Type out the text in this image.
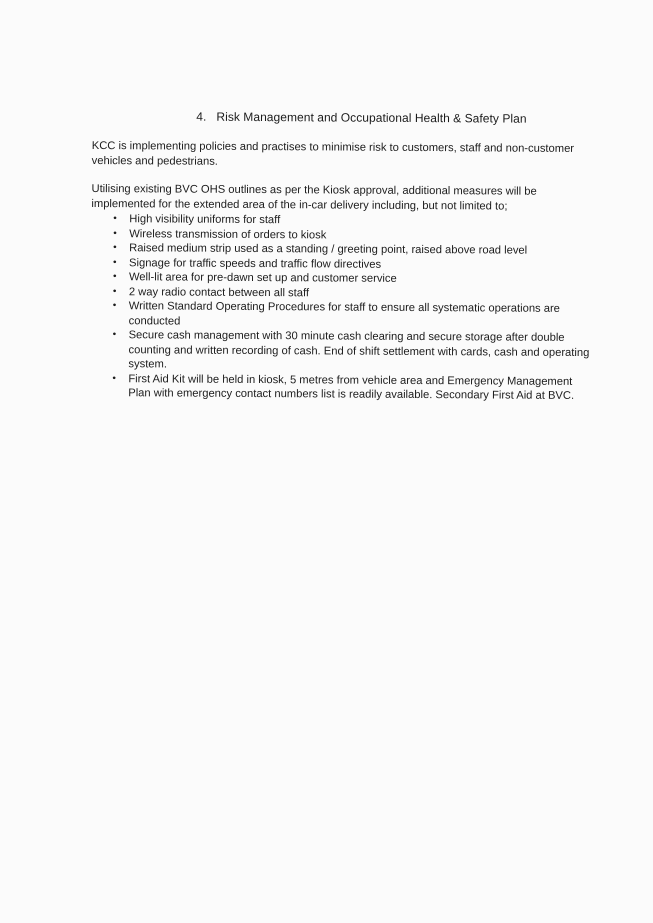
4. Risk Management and Occupational Health & Safety Plan

KCC is implementing policies and practises to minimise risk to customers, staff and non-customer vehicles and pedestrians.

Utilising existing BVC OHS outlines as per the Kiosk approval, additional measures will be implemented for the extended area of the in-car delivery including, but not limited to;

•	High visibility uniforms for staff
•	Wireless transmission of orders to kiosk
•	Raised medium strip used as a standing / greeting point, raised above road level
•	Signage for traffic speeds and traffic flow directives
•	Well-lit area for pre-dawn set up and customer service
•	2 way radio contact between all staff
•	Written Standard Operating Procedures for staff to ensure all systematic operations are conducted
•	Secure cash management with 30 minute cash clearing and secure storage after double counting and written recording of cash. End of shift settlement with cards, cash and operating system.
•	First Aid Kit will be held in kiosk, 5 metres from vehicle area and Emergency Management Plan with emergency contact numbers list is readily available. Secondary First Aid at BVC.
